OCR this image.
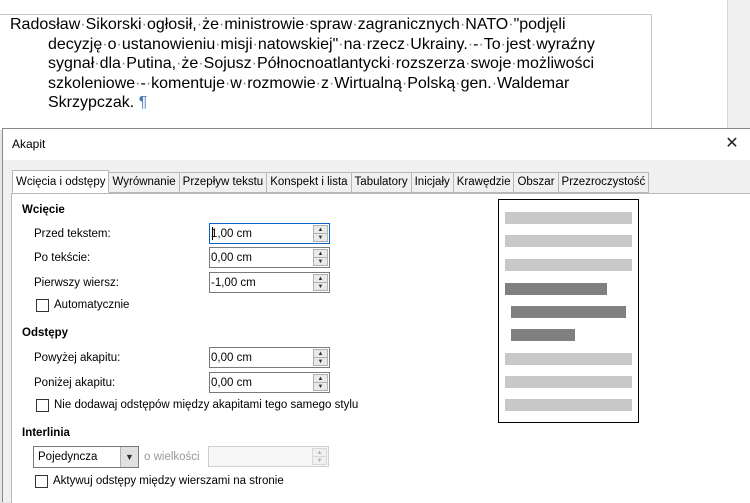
Radosław·Sikorski·ogłosił,·że·ministrowie·spraw·zagranicznych·NATO·"podjęli
decyzję·o·ustanowieniu·misji·natowskiej"·na·rzecz·Ukrainy.·-·To·jest·wyraźny
sygnał·dla·Putina,·że·Sojusz·Północnoatlantycki·rozszerza·swoje·możliwości
szkoleniowe·-·komentuje·w·rozmowie·z·Wirtualną·Polską·gen.·Waldemar
Skrzypczak. ¶
Akapit	✕
Wcięcia i odstępy Wyrównanie Przepływ tekstu Konspekt i lista Tabulatory Inicjały Krawędzie Obszar Przezroczystość
Wcięcie
Przed tekstem:
1,00 cm	▲
▼
Po tekście:
0,00 cm	▲
▼
Pierwszy wiersz:
-1,00 cm	▲
▼
Automatycznie
Odstępy
Powyżej akapitu:
0,00 cm	▲
▼
Poniżej akapitu:
0,00 cm	▲
▼
Nie dodawaj odstępów między akapitami tego samego stylu
Interlinia
Pojedyncza	▼ o wielkości	▲
▼
Aktywuj odstępy między wierszami na stronie
